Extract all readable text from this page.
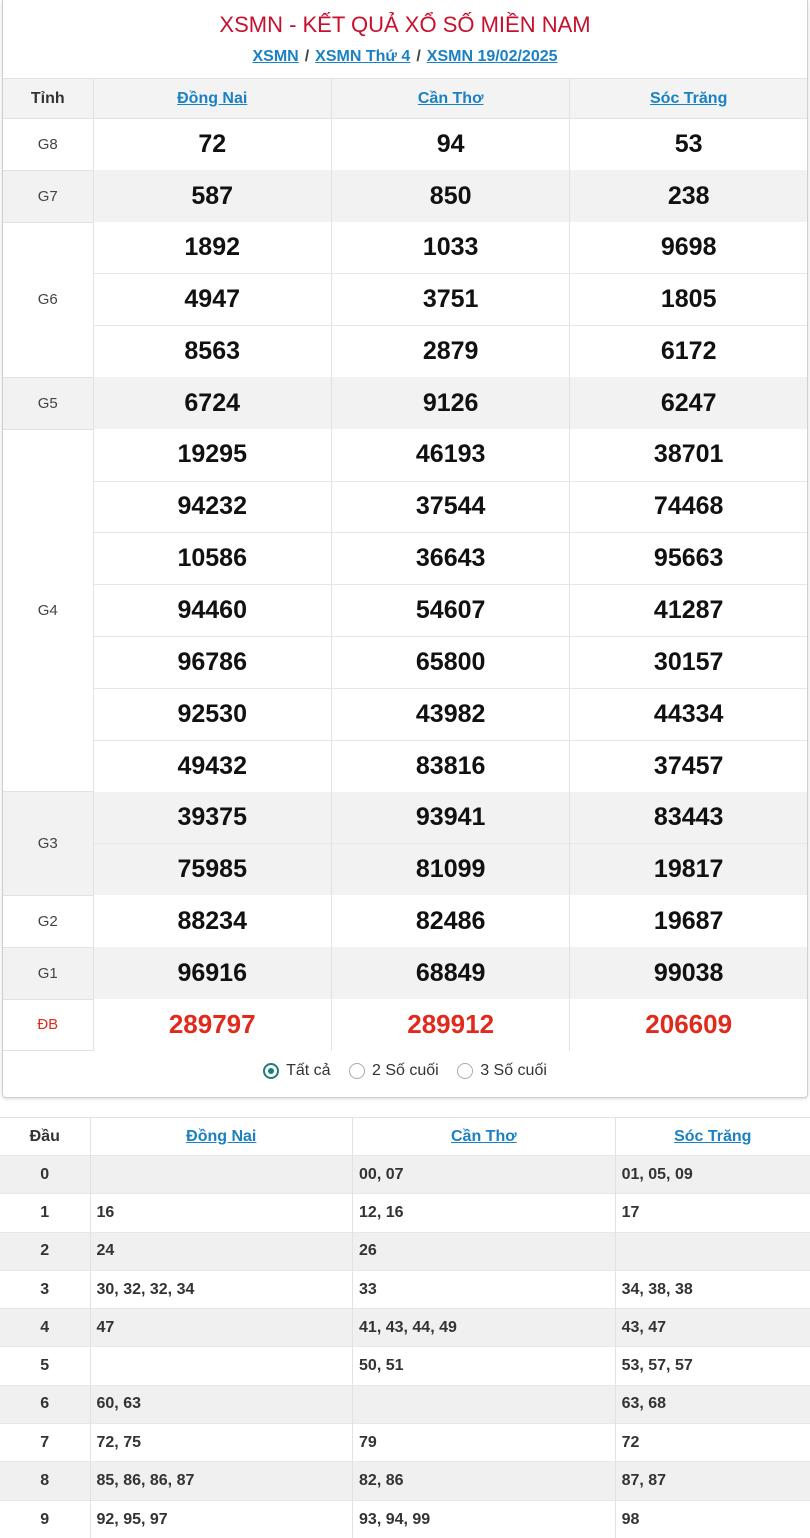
XSMN - KẾT QUẢ XỔ SỐ MIỀN NAM
XSMN / XSMN Thứ 4 / XSMN 19/02/2025
Tỉnh	Đồng Nai	Cần Thơ	Sóc Trăng
G8	72	94	53
G7	587	850	238
G6	1892	1033	9698
	4947	3751	1805
	8563	2879	6172
G5	6724	9126	6247
G4	19295	46193	38701
	94232	37544	74468
	10586	36643	95663
	94460	54607	41287
	96786	65800	30157
	92530	43982	44334
	49432	83816	37457
G3	39375	93941	83443
	75985	81099	19817
G2	88234	82486	19687
G1	96916	68849	99038
ĐB	289797	289912	206609
Tất cả
	2 Số cuối
	3 Số cuối
Đầu	Đồng Nai	Cần Thơ	Sóc Trăng
0		00, 07	01, 05, 09
1	16	12, 16	17
2	24	26	
3	30, 32, 32, 34	33	34, 38, 38
4	47	41, 43, 44, 49	43, 47
5		50, 51	53, 57, 57
6	60, 63		63, 68
7	72, 75	79	72
8	85, 86, 86, 87	82, 86	87, 87
9	92, 95, 97	93, 94, 99	98
